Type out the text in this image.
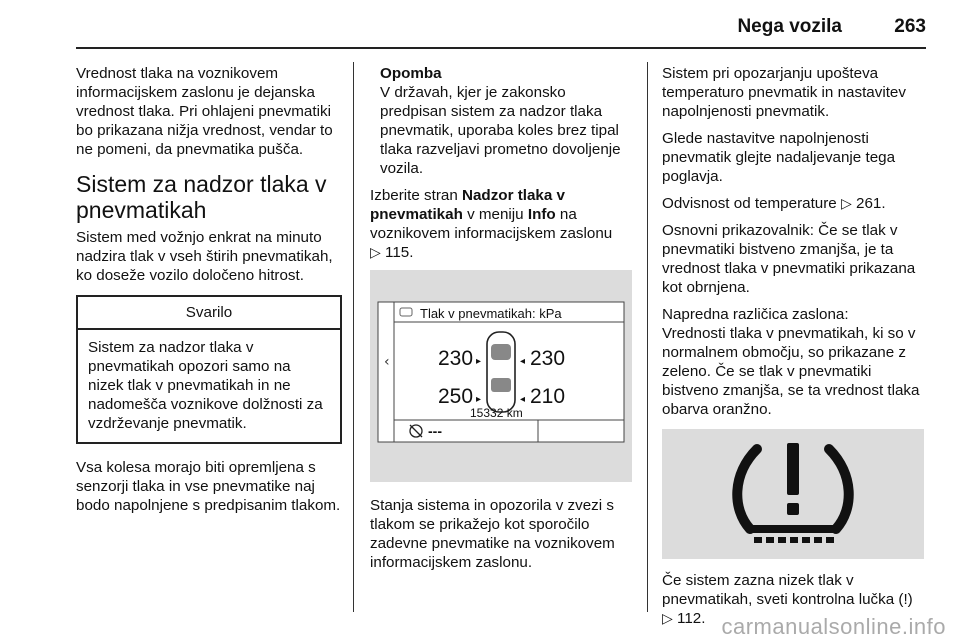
Nega vozila	263

Vrednost tlaka na voznikovem informacijskem zaslonu je dejanska vrednost tlaka. Pri ohlajeni pnevmatiki bo prikazana nižja vrednost, vendar to ne pomeni, da pnevmatika pušča.

Sistem za nadzor tlaka v pnevmatikah

Sistem med vožnjo enkrat na minuto nadzira tlak v vseh štirih pnevmatikah, ko doseže vozilo določeno hitrost.

Svarilo
Sistem za nadzor tlaka v pnevmatikah opozori samo na nizek tlak v pnevmatikah in ne nadomešča voznikove dolžnosti za vzdrževanje pnevmatik.

Vsa kolesa morajo biti opremljena s senzorji tlaka in vse pnevmatike naj bodo napolnjene s predpisanim tlakom.

Opomba
V državah, kjer je zakonsko predpisan sistem za nadzor tlaka pnevmatik, uporaba koles brez tipal tlaka razveljavi prometno dovoljenje vozila.

Izberite stran Nadzor tlaka v pnevmatikah v meniju Info na voznikovem informacijskem zaslonu
▷ 115.

‹
Tlak v pnevmatikah: kPa
230 ▸	◂ 230
250 ▸	◂ 210
15332 km
---

Stanja sistema in opozorila v zvezi s tlakom se prikažejo kot sporočilo zadevne pnevmatike na voznikovem informacijskem zaslonu.

Sistem pri opozarjanju upošteva temperaturo pnevmatik in nastavitev napolnjenosti pnevmatik.

Glede nastavitve napolnjenosti pnevmatik glejte nadaljevanje tega poglavja.

Odvisnost od temperature ▷ 261.

Osnovni prikazovalnik: Če se tlak v pnevmatiki bistveno zmanjša, je ta vrednost tlaka v pnevmatiki prikazana kot obrnjena.

Napredna različica zaslona:
Vrednosti tlaka v pnevmatikah, ki so v normalnem območju, so prikazane z zeleno. Če se tlak v pnevmatiki bistveno zmanjša, se ta vrednost tlaka obarva oranžno.

Če sistem zazna nizek tlak v pnevmatikah, sveti kontrolna lučka (!)
▷ 112. carmanualsonline.info
